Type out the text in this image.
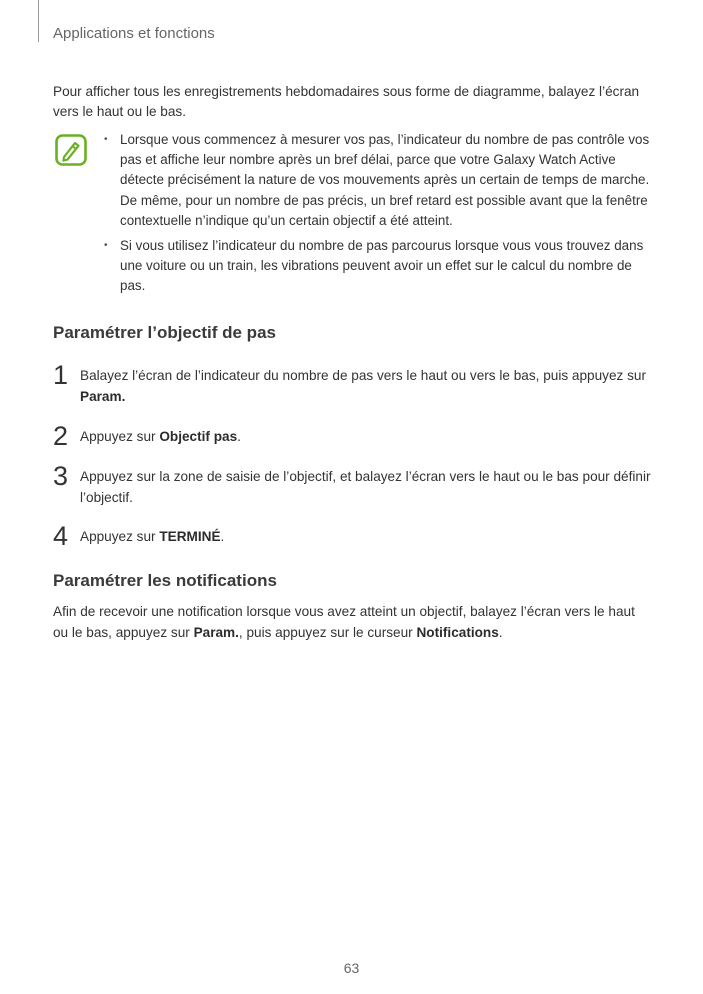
Applications et fonctions

Pour afficher tous les enregistrements hebdomadaires sous forme de diagramme, balayez l’écran vers le haut ou le bas.

• Lorsque vous commencez à mesurer vos pas, l’indicateur du nombre de pas contrôle vos pas et affiche leur nombre après un bref délai, parce que votre Galaxy Watch Active détecte précisément la nature de vos mouvements après un certain de temps de marche. De même, pour un nombre de pas précis, un bref retard est possible avant que la fenêtre contextuelle n’indique qu’un certain objectif a été atteint.
• Si vous utilisez l’indicateur du nombre de pas parcourus lorsque vous vous trouvez dans une voiture ou un train, les vibrations peuvent avoir un effet sur le calcul du nombre de pas.
Paramétrer l’objectif de pas
1 Balayez l’écran de l’indicateur du nombre de pas vers le haut ou vers le bas, puis appuyez sur Param.
2 Appuyez sur Objectif pas.
3 Appuyez sur la zone de saisie de l’objectif, et balayez l’écran vers le haut ou le bas pour définir l’objectif.
4 Appuyez sur TERMINÉ.
Paramétrer les notifications

Afin de recevoir une notification lorsque vous avez atteint un objectif, balayez l’écran vers le haut ou le bas, appuyez sur Param., puis appuyez sur le curseur Notifications.

63
